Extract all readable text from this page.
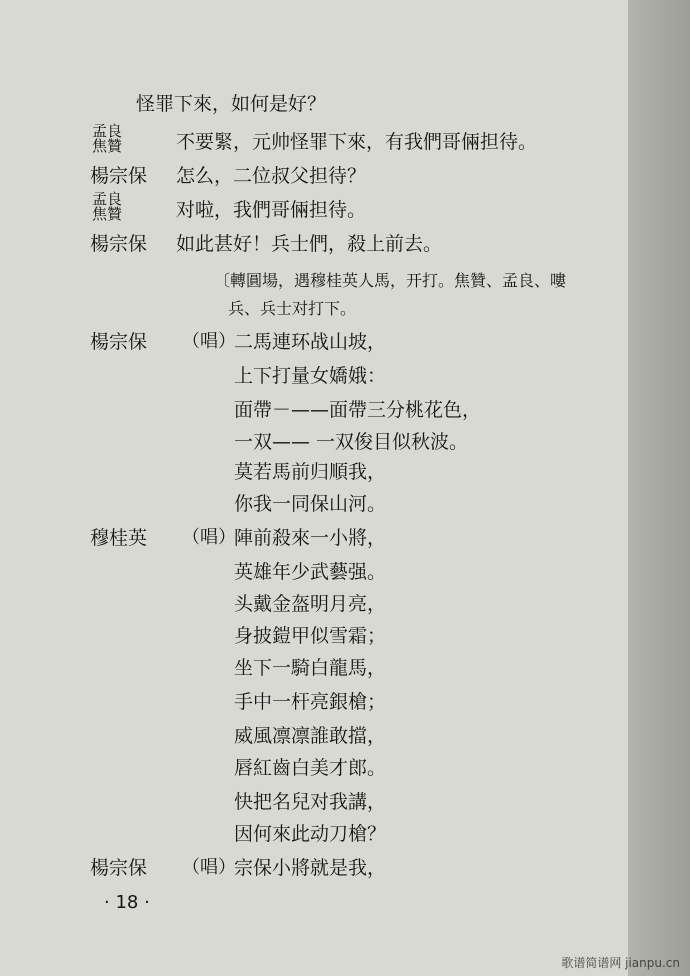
怪罪下來，如何是好？
孟良
焦贊	不要緊，元帅怪罪下來，有我們哥倆担待。
楊宗保 怎么，二位叔父担待？
孟良
焦贊	对啦，我們哥倆担待。
楊宗保 如此甚好！兵士們，殺上前去。
〔轉圓場，遇穆桂英人馬，开打。焦贊、孟良、嘍
兵、兵士对打下。
楊宗保 （唱）
二馬連环战山坡，
上下打量女嬌娥：
面帶－——面帶三分桃花色，
一双—— 一双俊目似秋波。
莫若馬前归順我，
你我一同保山河。
穆桂英 （唱）
陣前殺來一小將，
英雄年少武藝强。
头戴金盔明月亮，
身披鎧甲似雪霜；
坐下一騎白龍馬，
手中一杆亮銀槍；
威風凛凛誰敢擋，
唇紅齒白美才郎。
快把名兒对我講，
因何來此动刀槍？
楊宗保 （唱）
宗保小將就是我，
· 18 ·
歌谱简谱网 jianpu.cn
